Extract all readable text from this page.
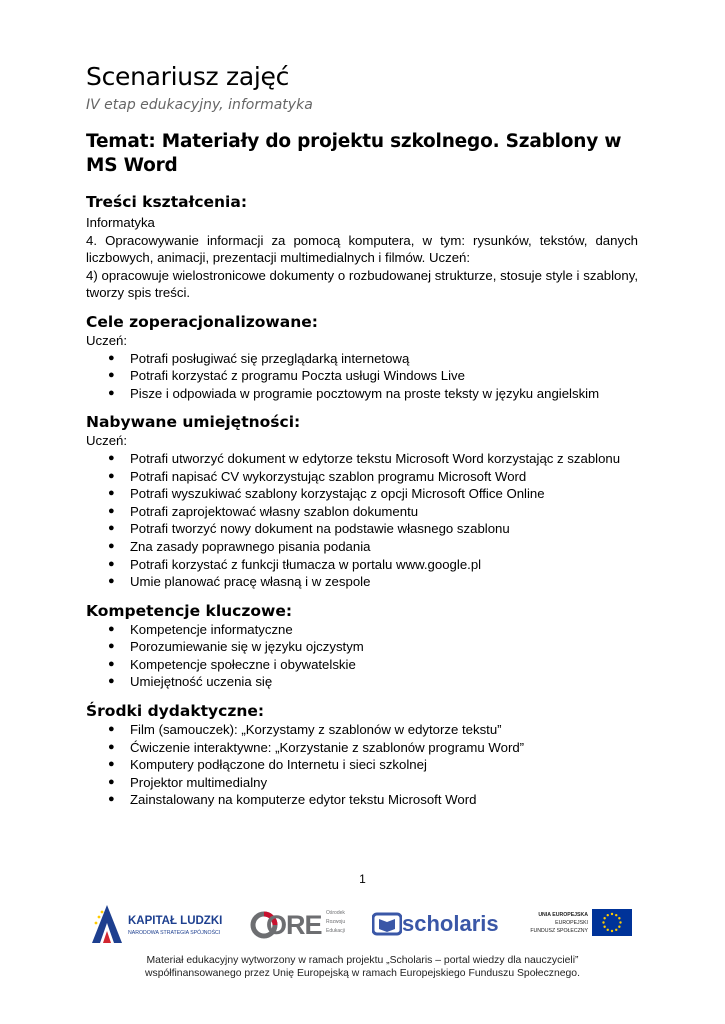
Scenariusz zajęć

IV etap edukacyjny, informatyka

Temat: Materiały do projektu szkolnego. Szablony w MS Word
Treści kształcenia:

Informatyka

4. Opracowywanie informacji za pomocą komputera, w tym: rysunków, tekstów, danych liczbowych, animacji, prezentacji multimedialnych i filmów. Uczeń:

4) opracowuje wielostronicowe dokumenty o rozbudowanej strukturze, stosuje style i szablony, tworzy spis treści.

Cele zoperacjonalizowane:

Uczeń:

● Potrafi posługiwać się przeglądarką internetową
● Potrafi korzystać z programu Poczta usługi Windows Live
● Pisze i odpowiada w programie pocztowym na proste teksty w języku angielskim
Nabywane umiejętności:

Uczeń:

● Potrafi utworzyć dokument w edytorze tekstu Microsoft Word korzystając z szablonu
● Potrafi napisać CV wykorzystując szablon programu Microsoft Word
● Potrafi wyszukiwać szablony korzystając z opcji Microsoft Office Online
● Potrafi zaprojektować własny szablon dokumentu
● Potrafi tworzyć nowy dokument na podstawie własnego szablonu
● Zna zasady poprawnego pisania podania
● Potrafi korzystać z funkcji tłumacza w portalu www.google.pl
● Umie planować pracę własną i w zespole
Kompetencje kluczowe:
● Kompetencje informatyczne
● Porozumiewanie się w języku ojczystym
● Kompetencje społeczne i obywatelskie
● Umiejętność uczenia się
Środki dydaktyczne:
● Film (samouczek): „Korzystamy z szablonów w edytorze tekstu”
● Ćwiczenie interaktywne: „Korzystanie z szablonów programu Word”
● Komputery podłączone do Internetu i sieci szkolnej
● Projektor multimedialny
● Zainstalowany na komputerze edytor tekstu Microsoft Word
1
KAPITAŁ LUDZKI
NARODOWA STRATEGIA SPÓJNOŚCI ORE Ośrodek
Rozwoju
Edukacji	scholaris	UNIA EUROPEJSKA
EUROPEJSKI
FUNDUSZ SPOŁECZNY
Materiał edukacyjny wytworzony w ramach projektu „Scholaris – portal wiedzy dla nauczycieli”
współfinansowanego przez Unię Europejską w ramach Europejskiego Funduszu Społecznego.
